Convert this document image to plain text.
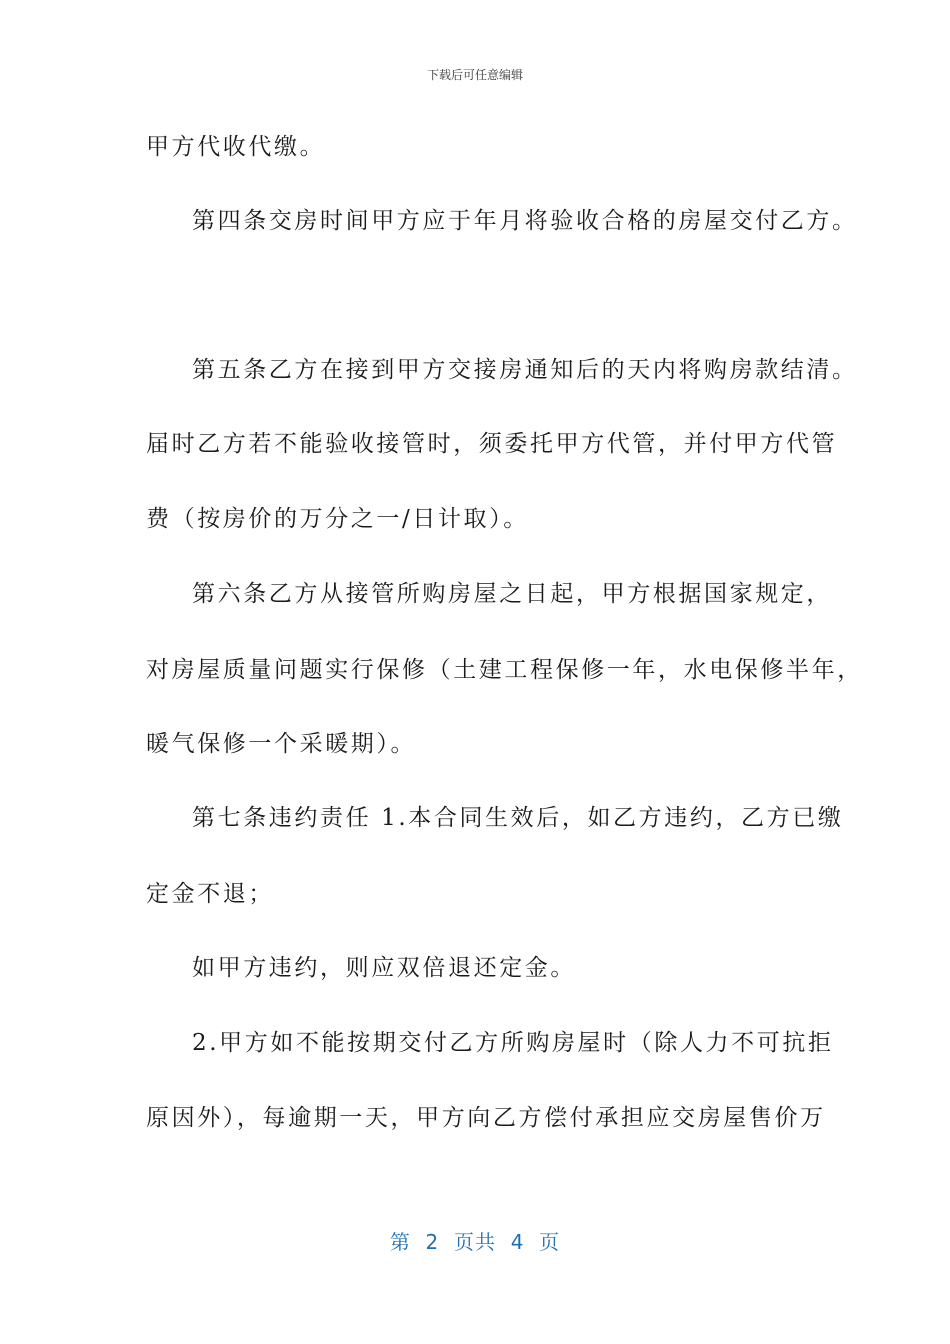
下载后可任意编辑
甲方代收代缴。
第四条交房时间甲方应于年月将验收合格的房屋交付乙方。
第五条乙方在接到甲方交接房通知后的天内将购房款结清。
届时乙方若不能验收接管时，须委托甲方代管，并付甲方代管
费（按房价的万分之一/日计取）。
第六条乙方从接管所购房屋之日起，甲方根据国家规定，
对房屋质量问题实行保修（土建工程保修一年，水电保修半年，
暖气保修一个采暖期）。
第七条违约责任 1.本合同生效后，如乙方违约，乙方已缴
定金不退；
如甲方违约，则应双倍退还定金。
2.甲方如不能按期交付乙方所购房屋时（除人力不可抗拒
原因外），每逾期一天，甲方向乙方偿付承担应交房屋售价万
第  2  页共  4  页
